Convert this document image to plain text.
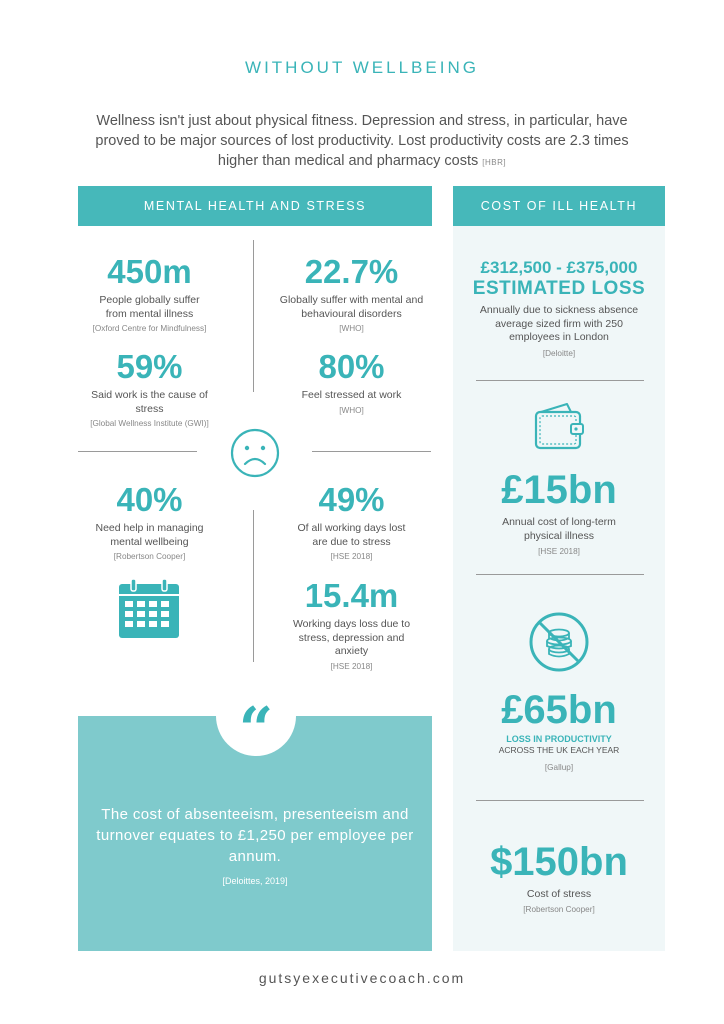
WITHOUT WELLBEING
Wellness isn't just about physical fitness. Depression and stress, in particular, have proved to be major sources of lost productivity. Lost productivity costs are 2.3 times higher than medical and pharmacy costs [HBR]
MENTAL HEALTH AND STRESS	COST OF ILL HEALTH
450m
People globally suffer from mental illness
[Oxford Centre for Mindfulness]
22.7%
Globally suffer with mental and behavioural disorders
[WHO]
59%
Said work is the cause of stress
[Global Wellness Institute (GWI)]
80%
Feel stressed at work
[WHO]
40%
Need help in managing mental wellbeing
[Robertson Cooper]
49%
Of all working days lost are due to stress
[HSE 2018]
15.4m
Working days loss due to stress, depression and anxiety
[HSE 2018]
“
The cost of absenteeism, presenteeism and turnover equates to £1,250 per employee per annum.
[Deloittes, 2019]
£312,500 - £375,000
ESTIMATED LOSS
Annually due to sickness absence average sized firm with 250 employees in London
[Deloitte]
£15bn
Annual cost of long-term physical illness
[HSE 2018]
£65bn
LOSS IN PRODUCTIVITY
ACROSS THE UK EACH YEAR
[Gallup]
$150bn
Cost of stress
[Robertson Cooper]
gutsyexecutivecoach.com
